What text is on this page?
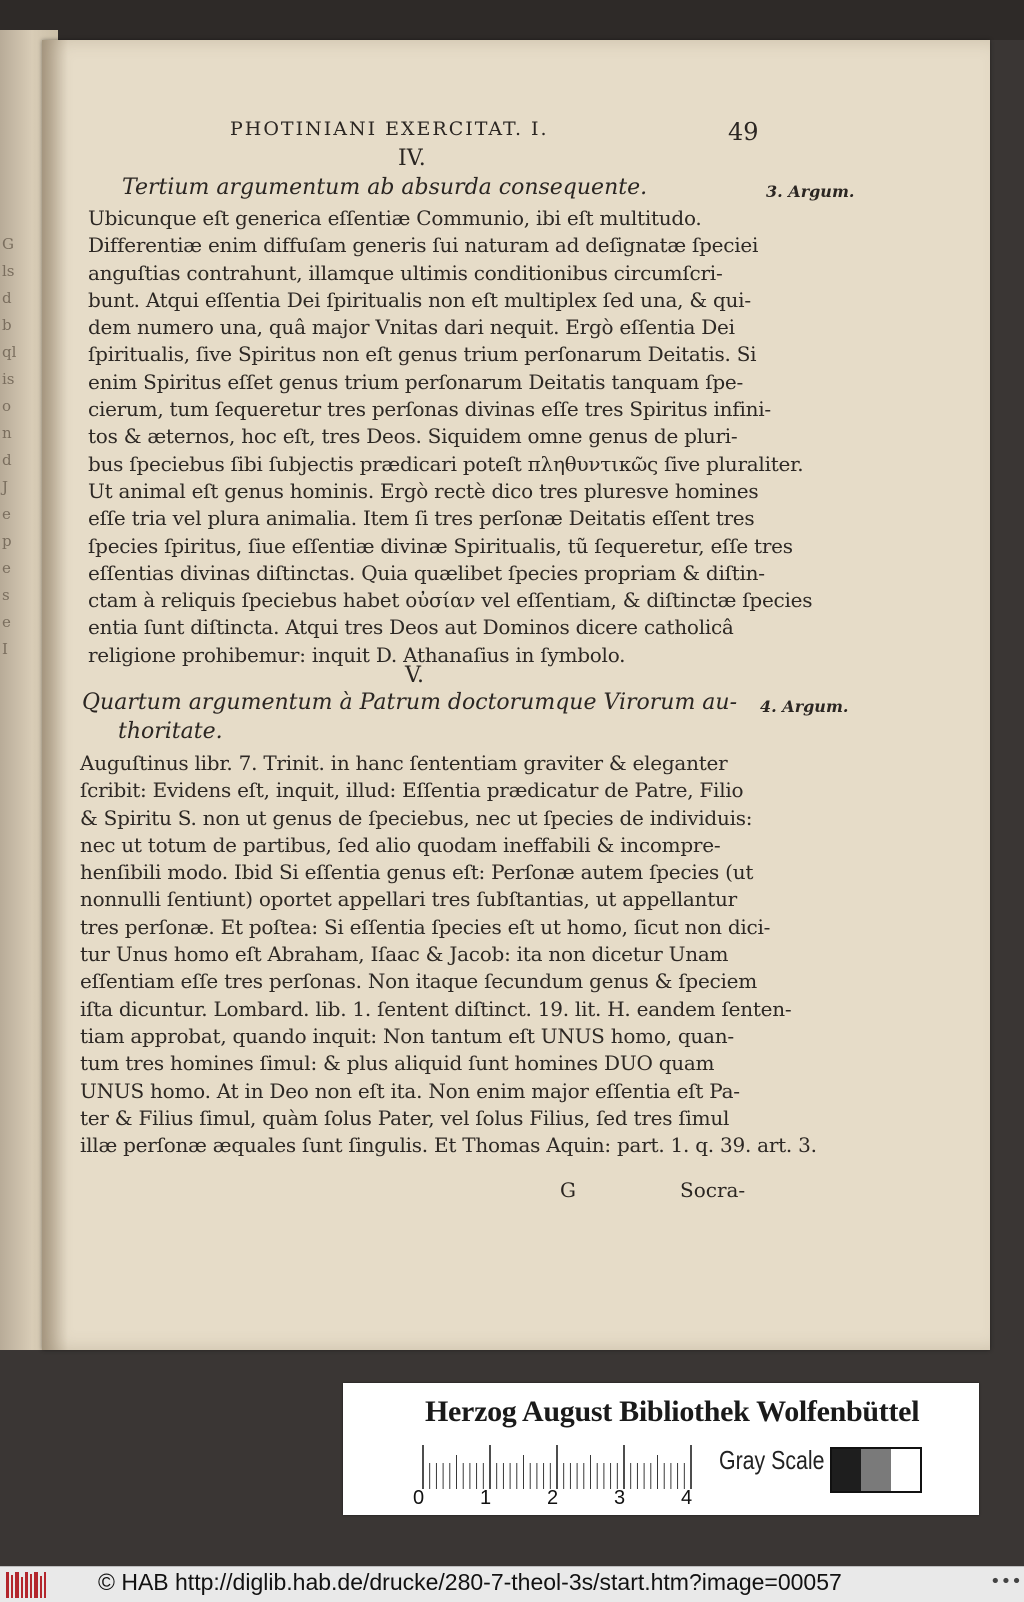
G
ls
d
b
ql
is
o
n
d
J
e
p
e
s
e
I
PHOTINIANI EXERCITAT. I.	49
IV.
Tertium argumentum ab absurda consequente.	3. Argum.
Ubicunque eſt generica eſſentiæ Communio, ibi eſt multitudo.
Differentiæ enim diffuſam generis ſui naturam ad deſignatæ ſpeciei
anguſtias contrahunt, illamque ultimis conditionibus circumſcri-
bunt. Atqui eſſentia Dei ſpiritualis non eſt multiplex ſed una, & qui-
dem numero una, quâ major Vnitas dari nequit. Ergò eſſentia Dei
ſpiritualis, ſive Spiritus non eſt genus trium perſonarum Deitatis. Si
enim Spiritus eſſet genus trium perſonarum Deitatis tanquam ſpe-
cierum, tum ſequeretur tres perſonas divinas eſſe tres Spiritus infini-
tos & æternos, hoc eſt, tres Deos. Siquidem omne genus de pluri-
bus ſpeciebus ſibi ſubjectis prædicari poteſt πληθυντικῶς ſive pluraliter.
Ut animal eſt genus hominis. Ergò rectè dico tres pluresve homines
eſſe tria vel plura animalia. Item ſi tres perſonæ Deitatis eſſent tres
ſpecies ſpiritus, ſiue eſſentiæ divinæ Spiritualis, tũ ſequeretur, eſſe tres
eſſentias divinas diſtinctas. Quia quælibet ſpecies propriam & diſtin-
ctam à reliquis ſpeciebus habet οὐσίαν vel eſſentiam, & diſtinctæ ſpecies
entia ſunt diſtincta. Atqui tres Deos aut Dominos dicere catholicâ
religione prohibemur: inquit D. Athanaſius in ſymbolo.
V.
Quartum argumentum à Patrum doctorumque Virorum au-
thoritate.
4. Argum.
Auguſtinus libr. 7. Trinit. in hanc ſententiam graviter & eleganter
ſcribit: Evidens eſt, inquit, illud: Eſſentia prædicatur de Patre, Filio
& Spiritu S. non ut genus de ſpeciebus, nec ut ſpecies de individuis:
nec ut totum de partibus, ſed alio quodam ineffabili & incompre-
henſibili modo. Ibid Si eſſentia genus eſt: Perſonæ autem ſpecies (ut
nonnulli ſentiunt) oportet appellari tres ſubſtantias, ut appellantur
tres perſonæ. Et poſtea: Si eſſentia ſpecies eſt ut homo, ſicut non dici-
tur Unus homo eſt Abraham, Iſaac & Jacob: ita non dicetur Unam
eſſentiam eſſe tres perſonas. Non itaque ſecundum genus & ſpeciem
iſta dicuntur. Lombard. lib. 1. ſentent diſtinct. 19. lit. H. eandem ſenten-
tiam approbat, quando inquit: Non tantum eſt UNUS homo, quan-
tum tres homines ſimul: & plus aliquid ſunt homines DUO quam
UNUS homo. At in Deo non eſt ita. Non enim major eſſentia eſt Pa-
ter & Filius ſimul, quàm ſolus Pater, vel ſolus Filius, ſed tres ſimul
illæ perſonæ æquales ſunt ſingulis. Et Thomas Aquin: part. 1. q. 39. art. 3.
G	Socra-
Herzog August Bibliothek Wolfenbüttel
0	1	2	3	4
Gray Scale
© HAB http://diglib.hab.de/drucke/280-7-theol-3s/start.htm?image=00057	•••
